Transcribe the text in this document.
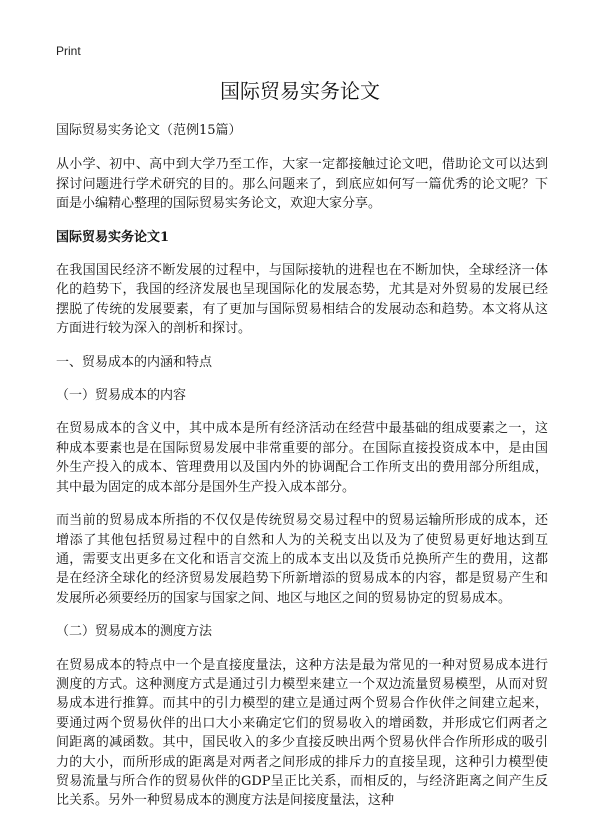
Print
国际贸易实务论文

国际贸易实务论文（范例15篇）

从小学、初中、高中到大学乃至工作，大家一定都接触过论文吧，借助论文可以达到探讨问题进行学术研究的目的。那么问题来了，到底应如何写一篇优秀的论文呢？下面是小编精心整理的国际贸易实务论文，欢迎大家分享。

国际贸易实务论文1

在我国国民经济不断发展的过程中，与国际接轨的进程也在不断加快，全球经济一体化的趋势下，我国的经济发展也呈现国际化的发展态势，尤其是对外贸易的发展已经摆脱了传统的发展要素，有了更加与国际贸易相结合的发展动态和趋势。本文将从这方面进行较为深入的剖析和探讨。

一、贸易成本的内涵和特点

（一）贸易成本的内容

在贸易成本的含义中，其中成本是所有经济活动在经营中最基础的组成要素之一，这种成本要素也是在国际贸易发展中非常重要的部分。在国际直接投资成本中，是由国外生产投入的成本、管理费用以及国内外的协调配合工作所支出的费用部分所组成，其中最为固定的成本部分是国外生产投入成本部分。

而当前的贸易成本所指的不仅仅是传统贸易交易过程中的贸易运输所形成的成本，还增添了其他包括贸易过程中的自然和人为的关税支出以及为了使贸易更好地达到互通，需要支出更多在文化和语言交流上的成本支出以及货币兑换所产生的费用，这都是在经济全球化的经济贸易发展趋势下所新增添的贸易成本的内容，都是贸易产生和发展所必须要经历的国家与国家之间、地区与地区之间的贸易协定的贸易成本。

（二）贸易成本的测度方法

在贸易成本的特点中一个是直接度量法，这种方法是最为常见的一种对贸易成本进行测度的方式。这种测度方式是通过引力模型来建立一个双边流量贸易模型，从而对贸易成本进行推算。而其中的引力模型的建立是通过两个贸易合作伙伴之间建立起来，要通过两个贸易伙伴的出口大小来确定它们的贸易收入的增函数，并形成它们两者之间距离的减函数。其中，国民收入的多少直接反映出两个贸易伙伴合作所形成的吸引力的大小，而所形成的距离是对两者之间形成的排斥力的直接呈现，这种引力模型使贸易流量与所合作的贸易伙伴的GDP呈正比关系，而相反的，与经济距离之间产生反比关系。另外一种贸易成本的测度方法是间接度量法，这种
